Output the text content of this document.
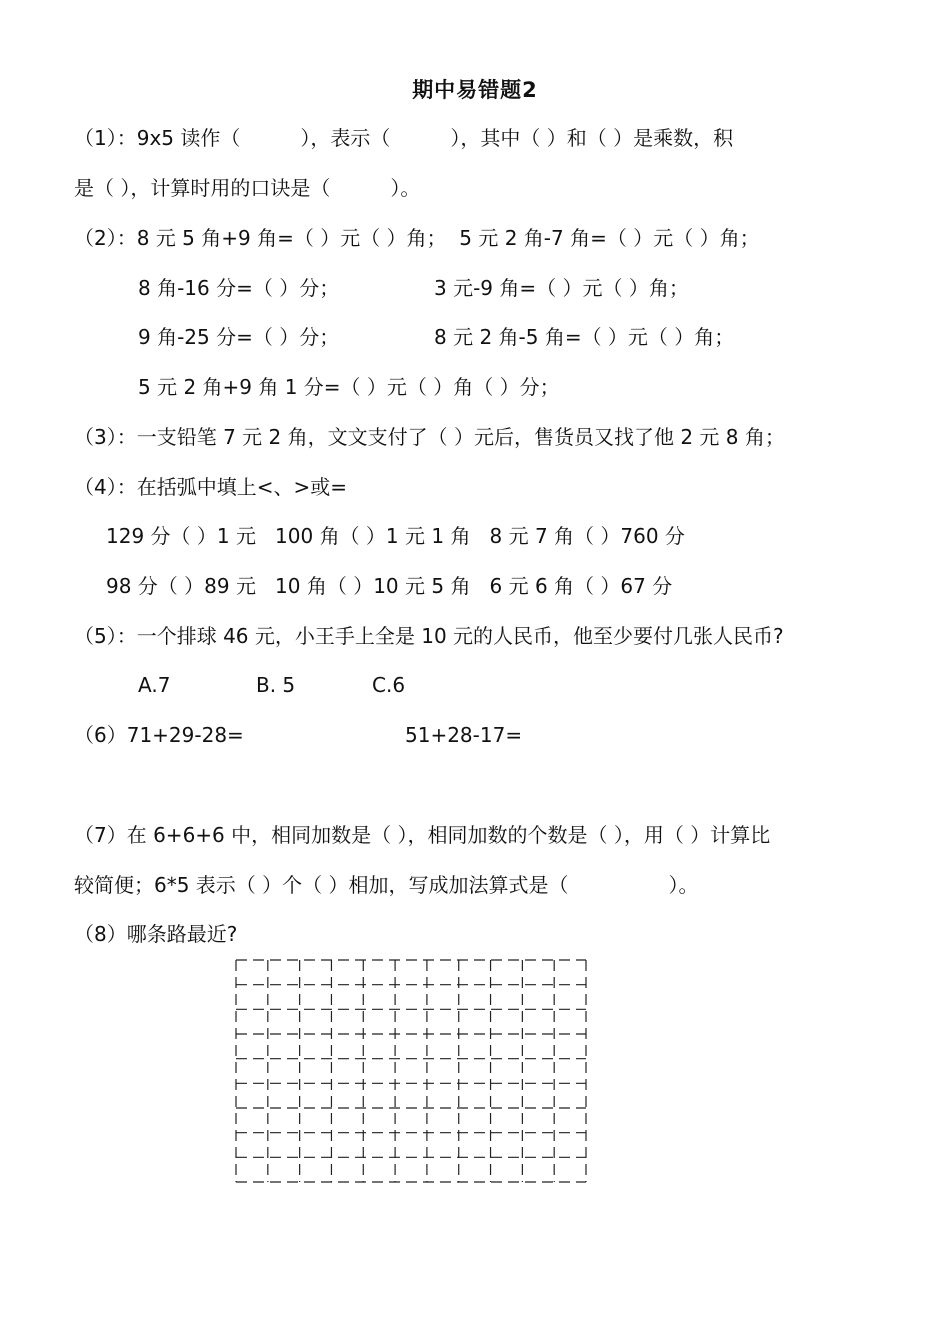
期中易错题2
（1）：9x5 读作（　　　），表示（　　　），其中（ ）和（ ）是乘数，积
是（ ），计算时用的口诀是（　　　）。
（2）：8 元 5 角+9 角=（ ）元（ ）角；  5 元 2 角-7 角=（ ）元（ ）角；
8 角-16 分=（ ）分；	3 元-9 角=（ ）元（ ）角；
9 角-25 分=（ ）分；	8 元 2 角-5 角=（ ）元（ ）角；
5 元 2 角+9 角 1 分=（ ）元（ ）角（ ）分；
（3）：一支铅笔 7 元 2 角，文文支付了（ ）元后，售货员又找了他 2 元 8 角；
（4）：在括弧中填上<、>或=
129 分（ ）1 元   100 角（ ）1 元 1 角   8 元 7 角（ ）760 分
98 分（ ）89 元   10 角（ ）10 元 5 角   6 元 6 角（ ）67 分
（5）：一个排球 46 元，小王手上全是 10 元的人民币，他至少要付几张人民币?
A.7	B. 5	C.6
（6）71+29-28=	51+28-17=
（7）在 6+6+6 中，相同加数是（ ），相同加数的个数是（ ），用（ ）计算比
较简便；6*5 表示（ ）个（ ）相加，写成加法算式是（　　　　　）。
（8）哪条路最近?
